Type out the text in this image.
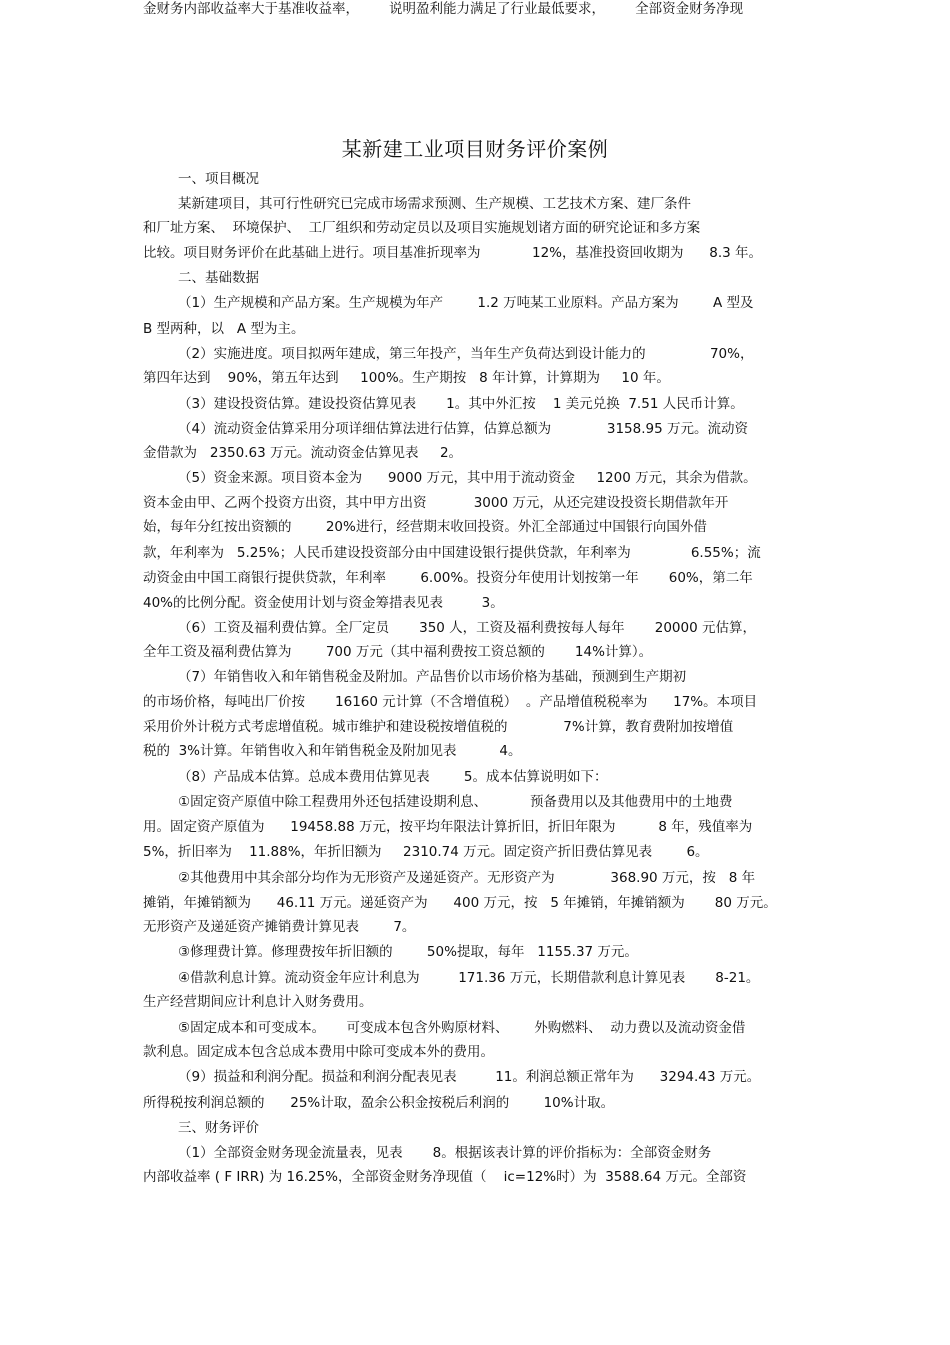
某新建工业项目财务评价案例
一、项目概况
某新建项目，其可行性研究已完成市场需求预测、生产规模、工艺技术方案、建厂条件
和厂址方案、  环境保护、  工厂组织和劳动定员以及项目实施规划诸方面的研究论证和多方案
比较。项目财务评价在此基础上进行。项目基准折现率为            12%，基准投资回收期为      8.3 年。
二、基础数据
（1）生产规模和产品方案。生产规模为年产        1.2 万吨某工业原料。产品方案为        A 型及
B 型两种，以   A 型为主。
（2）实施进度。项目拟两年建成，第三年投产，当年生产负荷达到设计能力的               70%，
第四年达到    90%，第五年达到     100%。生产期按   8 年计算，计算期为     10 年。
（3）建设投资估算。建设投资估算见表       1。其中外汇按    1 美元兑换  7.51 人民币计算。
（4）流动资金估算采用分项详细估算法进行估算，估算总额为             3158.95 万元。流动资
金借款为   2350.63 万元。流动资金估算见表     2。
（5）资金来源。项目资本金为      9000 万元，其中用于流动资金     1200 万元，其余为借款。
资本金由甲、乙两个投资方出资，其中甲方出资           3000 万元，从还完建设投资长期借款年开
始，每年分红按出资额的        20%进行，经营期末收回投资。外汇全部通过中国银行向国外借
款，年利率为   5.25%；人民币建设投资部分由中国建设银行提供贷款，年利率为              6.55%；流
动资金由中国工商银行提供贷款，年利率        6.00%。投资分年使用计划按第一年       60%，第二年
40%的比例分配。资金使用计划与资金筹措表见表         3。
（6）工资及福利费估算。全厂定员       350 人，工资及福利费按每人每年       20000 元估算，
全年工资及福利费估算为        700 万元（其中福利费按工资总额的       14%计算）。
（7）年销售收入和年销售税金及附加。产品售价以市场价格为基础，预测到生产期初
的市场价格，每吨出厂价按       16160 元计算（不含增值税）  。产品增值税税率为      17%。本项目
采用价外计税方式考虑增值税。城市维护和建设税按增值税的             7%计算，教育费附加按增值
税的  3%计算。年销售收入和年销售税金及附加见表          4。
（8）产品成本估算。总成本费用估算见表        5。成本估算说明如下：
①固定资产原值中除工程费用外还包括建设期利息、          预备费用以及其他费用中的土地费
用。固定资产原值为      19458.88 万元，按平均年限法计算折旧，折旧年限为          8 年，残值率为
5%，折旧率为    11.88%，年折旧额为     2310.74 万元。固定资产折旧费估算见表        6。
②其他费用中其余部分均作为无形资产及递延资产。无形资产为             368.90 万元，按   8 年
摊销，年摊销额为      46.11 万元。递延资产为      400 万元，按   5 年摊销，年摊销额为       80 万元。
无形资产及递延资产摊销费计算见表        7。
③修理费计算。修理费按年折旧额的        50%提取，每年   1155.37 万元。
④借款利息计算。流动资金年应计利息为         171.36 万元，长期借款利息计算见表       8-21。
生产经营期间应计利息计入财务费用。
⑤固定成本和可变成本。     可变成本包含外购原材料、      外购燃料、  动力费以及流动资金借
款利息。固定成本包含总成本费用中除可变成本外的费用。
（9）损益和利润分配。损益和利润分配表见表         11。利润总额正常年为      3294.43 万元。
所得税按利润总额的      25%计取，盈余公积金按税后利润的        10%计取。
三、财务评价
（1）全部资金财务现金流量表，见表       8。根据该表计算的评价指标为：全部资金财务
内部收益率 ( F IRR) 为 16.25%，全部资金财务净现值（    ic=12%时）为  3588.64 万元。全部资
金财务内部收益率大于基准收益率，       说明盈利能力满足了行业最低要求，       全部资金财务净现
